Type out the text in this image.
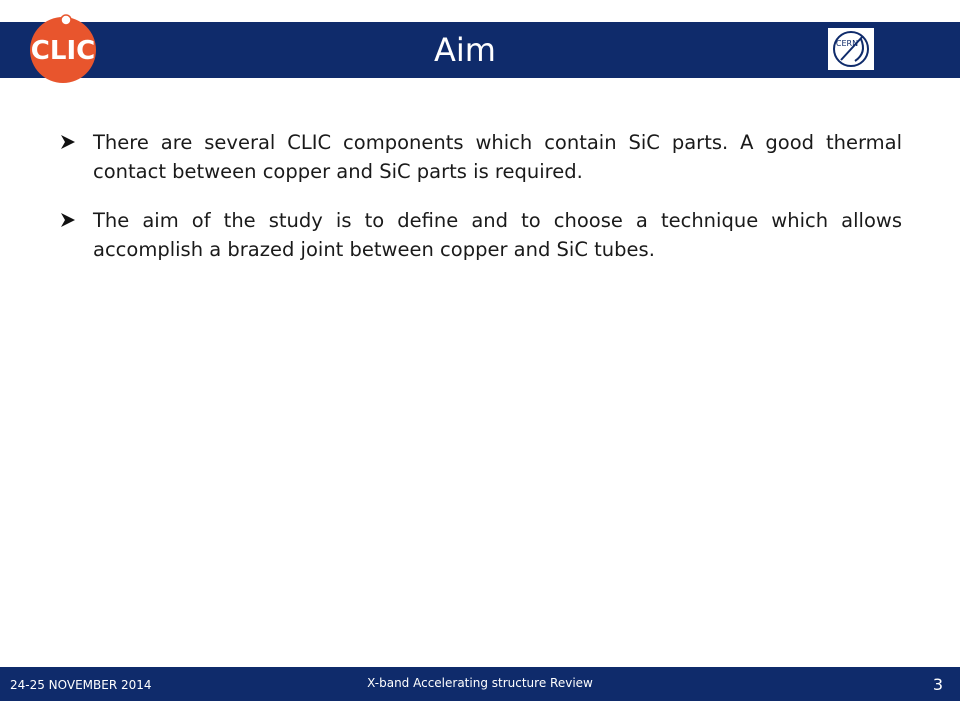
CLIC	Aim	CERN
There are several CLIC components which contain SiC parts. A good thermal contact between copper and SiC parts is required.
The aim of the study is to define and to choose a technique which allows accomplish a brazed joint between copper and SiC tubes.
24-25 NOVEMBER 2014	X-band Accelerating structure Review	3
